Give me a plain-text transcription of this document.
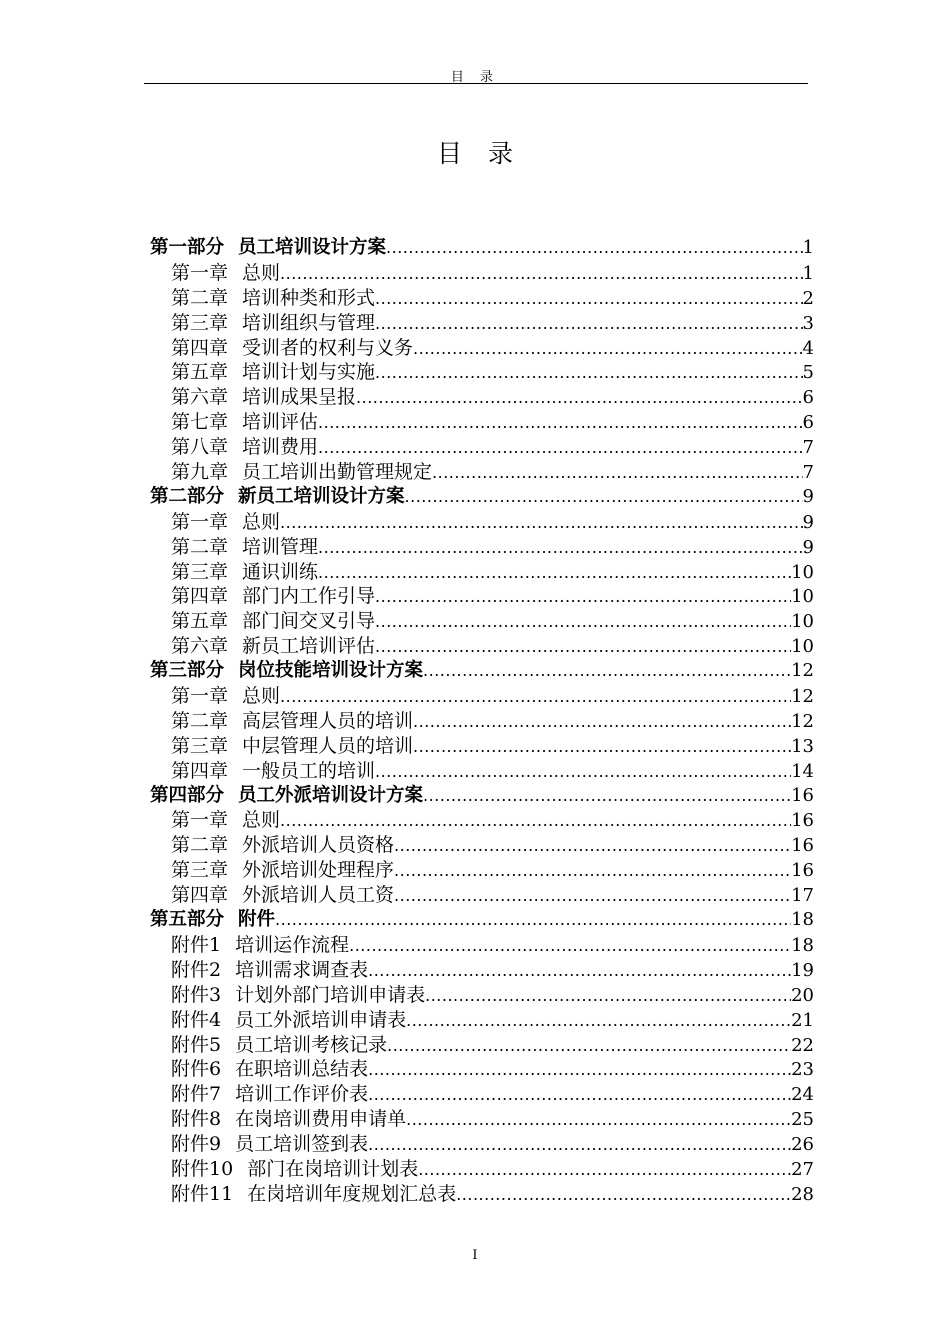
目 录
目 录
第一部分 员工培训设计方案 .....	1
第一章 总则 .....	1
第二章 培训种类和形式 .....	2
第三章 培训组织与管理 .....	3
第四章 受训者的权利与义务 .....	4
第五章 培训计划与实施 .....	5
第六章 培训成果呈报 .....	6
第七章 培训评估 .....	6
第八章 培训费用 .....	7
第九章 员工培训出勤管理规定 .....	7
第二部分 新员工培训设计方案 .....	9
第一章 总则 .....	9
第二章 培训管理 .....	9
第三章 通识训练 .....	10
第四章 部门内工作引导 .....	10
第五章 部门间交叉引导 .....	10
第六章 新员工培训评估 .....	10
第三部分 岗位技能培训设计方案 .....	12
第一章 总则 .....	12
第二章 高层管理人员的培训 .....	12
第三章 中层管理人员的培训 .....	13
第四章 一般员工的培训 .....	14
第四部分 员工外派培训设计方案 .....	16
第一章 总则 .....	16
第二章 外派培训人员资格 .....	16
第三章 外派培训处理程序 .....	16
第四章 外派培训人员工资 .....	17
第五部分 附件 .....	18
附件1 培训运作流程 .....	18
附件2 培训需求调查表 .....	19
附件3 计划外部门培训申请表 .....	20
附件4 员工外派培训申请表 .....	21
附件5 员工培训考核记录 .....	22
附件6 在职培训总结表 .....	23
附件7 培训工作评价表 .....	24
附件8 在岗培训费用申请单 .....	25
附件9 员工培训签到表 .....	26
附件10 部门在岗培训计划表 .....	27
附件11 在岗培训年度规划汇总表 .....	28
I
